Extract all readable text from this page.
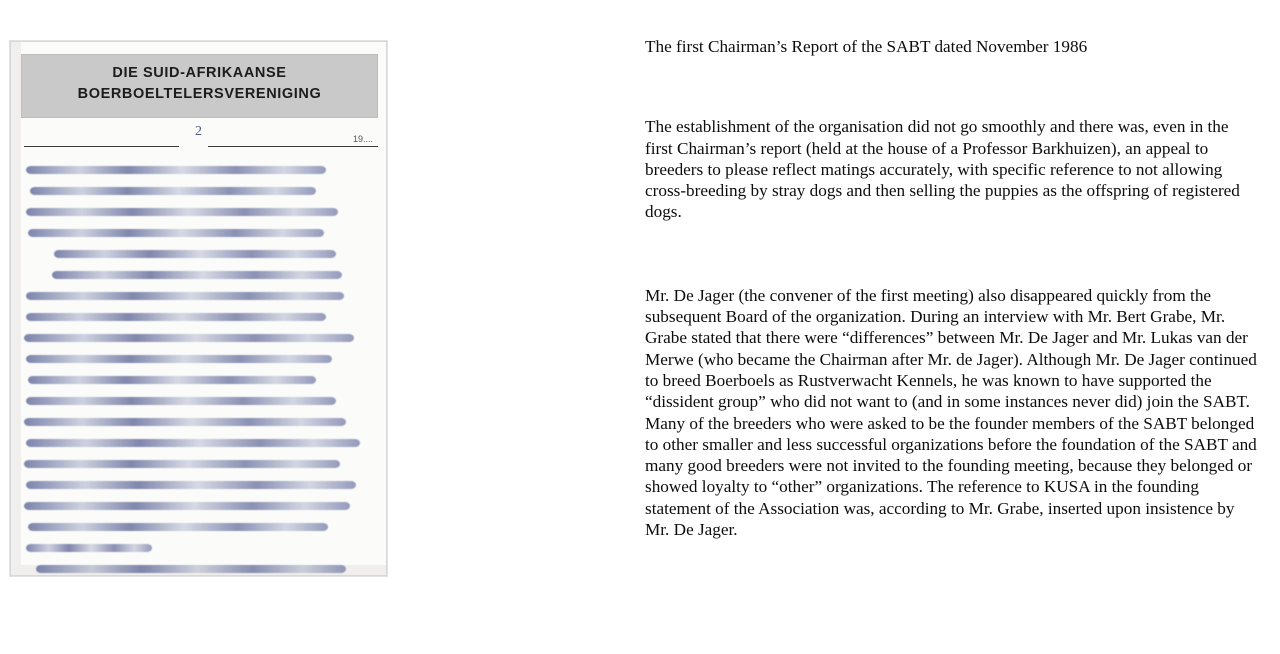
DIE SUID-AFRIKAANSE
BOERBOELTELERSVERENIGING
2	19....

The first Chairman’s Report of the SABT dated November 1986

The establishment of the organisation did not go smoothly and there was, even in the first Chairman’s report (held at the house of a Professor Barkhuizen), an appeal to breeders to please reflect matings accurately, with specific reference to not allowing cross-breeding by stray dogs and then selling the puppies as the offspring of registered dogs.

Mr. De Jager (the convener of the first meeting) also disappeared quickly from the subsequent Board of the organization. During an interview with Mr. Bert Grabe, Mr. Grabe stated that there were “differences” between Mr. De Jager and Mr. Lukas van der Merwe (who became the Chairman after Mr. de Jager). Although Mr. De Jager continued to breed Boerboels as Rustverwacht Kennels, he was known to have supported the “dissident group” who did not want to (and in some instances never did) join the SABT. Many of the breeders who were asked to be the founder members of the SABT belonged to other smaller and less successful organizations before the foundation of the SABT and many good breeders were not invited to the founding meeting, because they belonged or showed loyalty to “other” organizations. The reference to KUSA in the founding statement of the Association was, according to Mr. Grabe, inserted upon insistence by Mr. De Jager.
